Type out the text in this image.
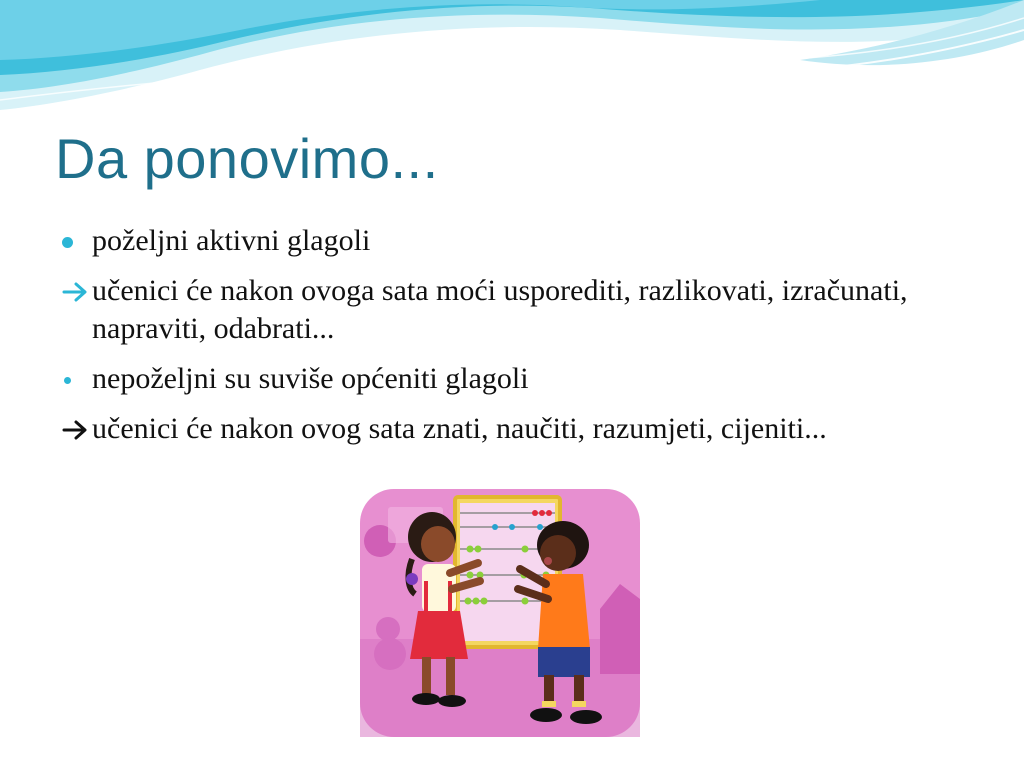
Da ponovimo...
poželjni aktivni glagoli
učenici će nakon ovoga sata moći usporediti, razlikovati, izračunati, napraviti, odabrati...
nepoželjni su suviše općeniti glagoli
učenici će nakon ovog sata znati, naučiti, razumjeti, cijeniti...
